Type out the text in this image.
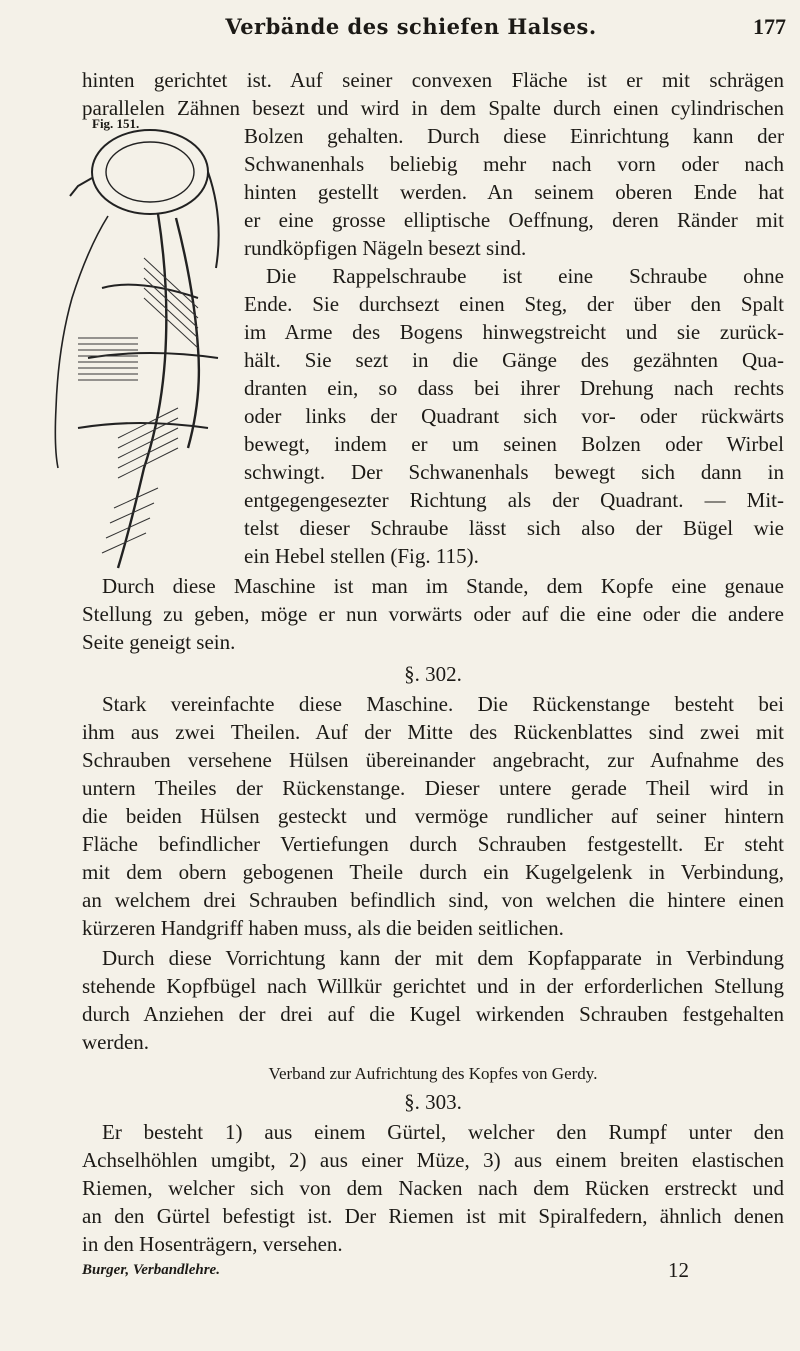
Verbände des schiefen Halses.	177
Fig. 151.
hinten gerichtet ist. Auf seiner convexen Fläche ist er mit schrägen
parallelen Zähnen besezt und wird in dem Spalte durch einen cylindrischen
Bolzen gehalten. Durch diese Einrichtung kann der
Schwanenhals beliebig mehr nach vorn oder nach
hinten gestellt werden. An seinem oberen Ende hat
er eine grosse elliptische Oeffnung, deren Ränder mit
rundköpfigen Nägeln besezt sind.
Die Rappelschraube ist eine Schraube ohne
Ende. Sie durchsezt einen Steg, der über den Spalt
im Arme des Bogens hinwegstreicht und sie zurück-
hält. Sie sezt in die Gänge des gezähnten Qua-
dranten ein, so dass bei ihrer Drehung nach rechts
oder links der Quadrant sich vor- oder rückwärts
bewegt, indem er um seinen Bolzen oder Wirbel
schwingt. Der Schwanenhals bewegt sich dann in
entgegengesezter Richtung als der Quadrant. — Mit-
telst dieser Schraube lässt sich also der Bügel wie
ein Hebel stellen (Fig. 115).
Durch diese Maschine ist man im Stande, dem Kopfe eine genaue
Stellung zu geben, möge er nun vorwärts oder auf die eine oder die andere
Seite geneigt sein.
§. 302.
Stark vereinfachte diese Maschine. Die Rückenstange besteht bei
ihm aus zwei Theilen. Auf der Mitte des Rückenblattes sind zwei mit
Schrauben versehene Hülsen übereinander angebracht, zur Aufnahme des
untern Theiles der Rückenstange. Dieser untere gerade Theil wird in
die beiden Hülsen gesteckt und vermöge rundlicher auf seiner hintern
Fläche befindlicher Vertiefungen durch Schrauben festgestellt. Er steht
mit dem obern gebogenen Theile durch ein Kugelgelenk in Verbindung,
an welchem drei Schrauben befindlich sind, von welchen die hintere einen
kürzeren Handgriff haben muss, als die beiden seitlichen.
Durch diese Vorrichtung kann der mit dem Kopfapparate in Verbindung
stehende Kopfbügel nach Willkür gerichtet und in der erforderlichen Stellung
durch Anziehen der drei auf die Kugel wirkenden Schrauben festgehalten
werden.
Verband zur Aufrichtung des Kopfes von Gerdy.
§. 303.
Er besteht 1) aus einem Gürtel, welcher den Rumpf unter den
Achselhöhlen umgibt, 2) aus einer Müze, 3) aus einem breiten elastischen
Riemen, welcher sich von dem Nacken nach dem Rücken erstreckt und
an den Gürtel befestigt ist. Der Riemen ist mit Spiralfedern, ähnlich denen
in den Hosenträgern, versehen.
Burger, Verbandlehre.	12
